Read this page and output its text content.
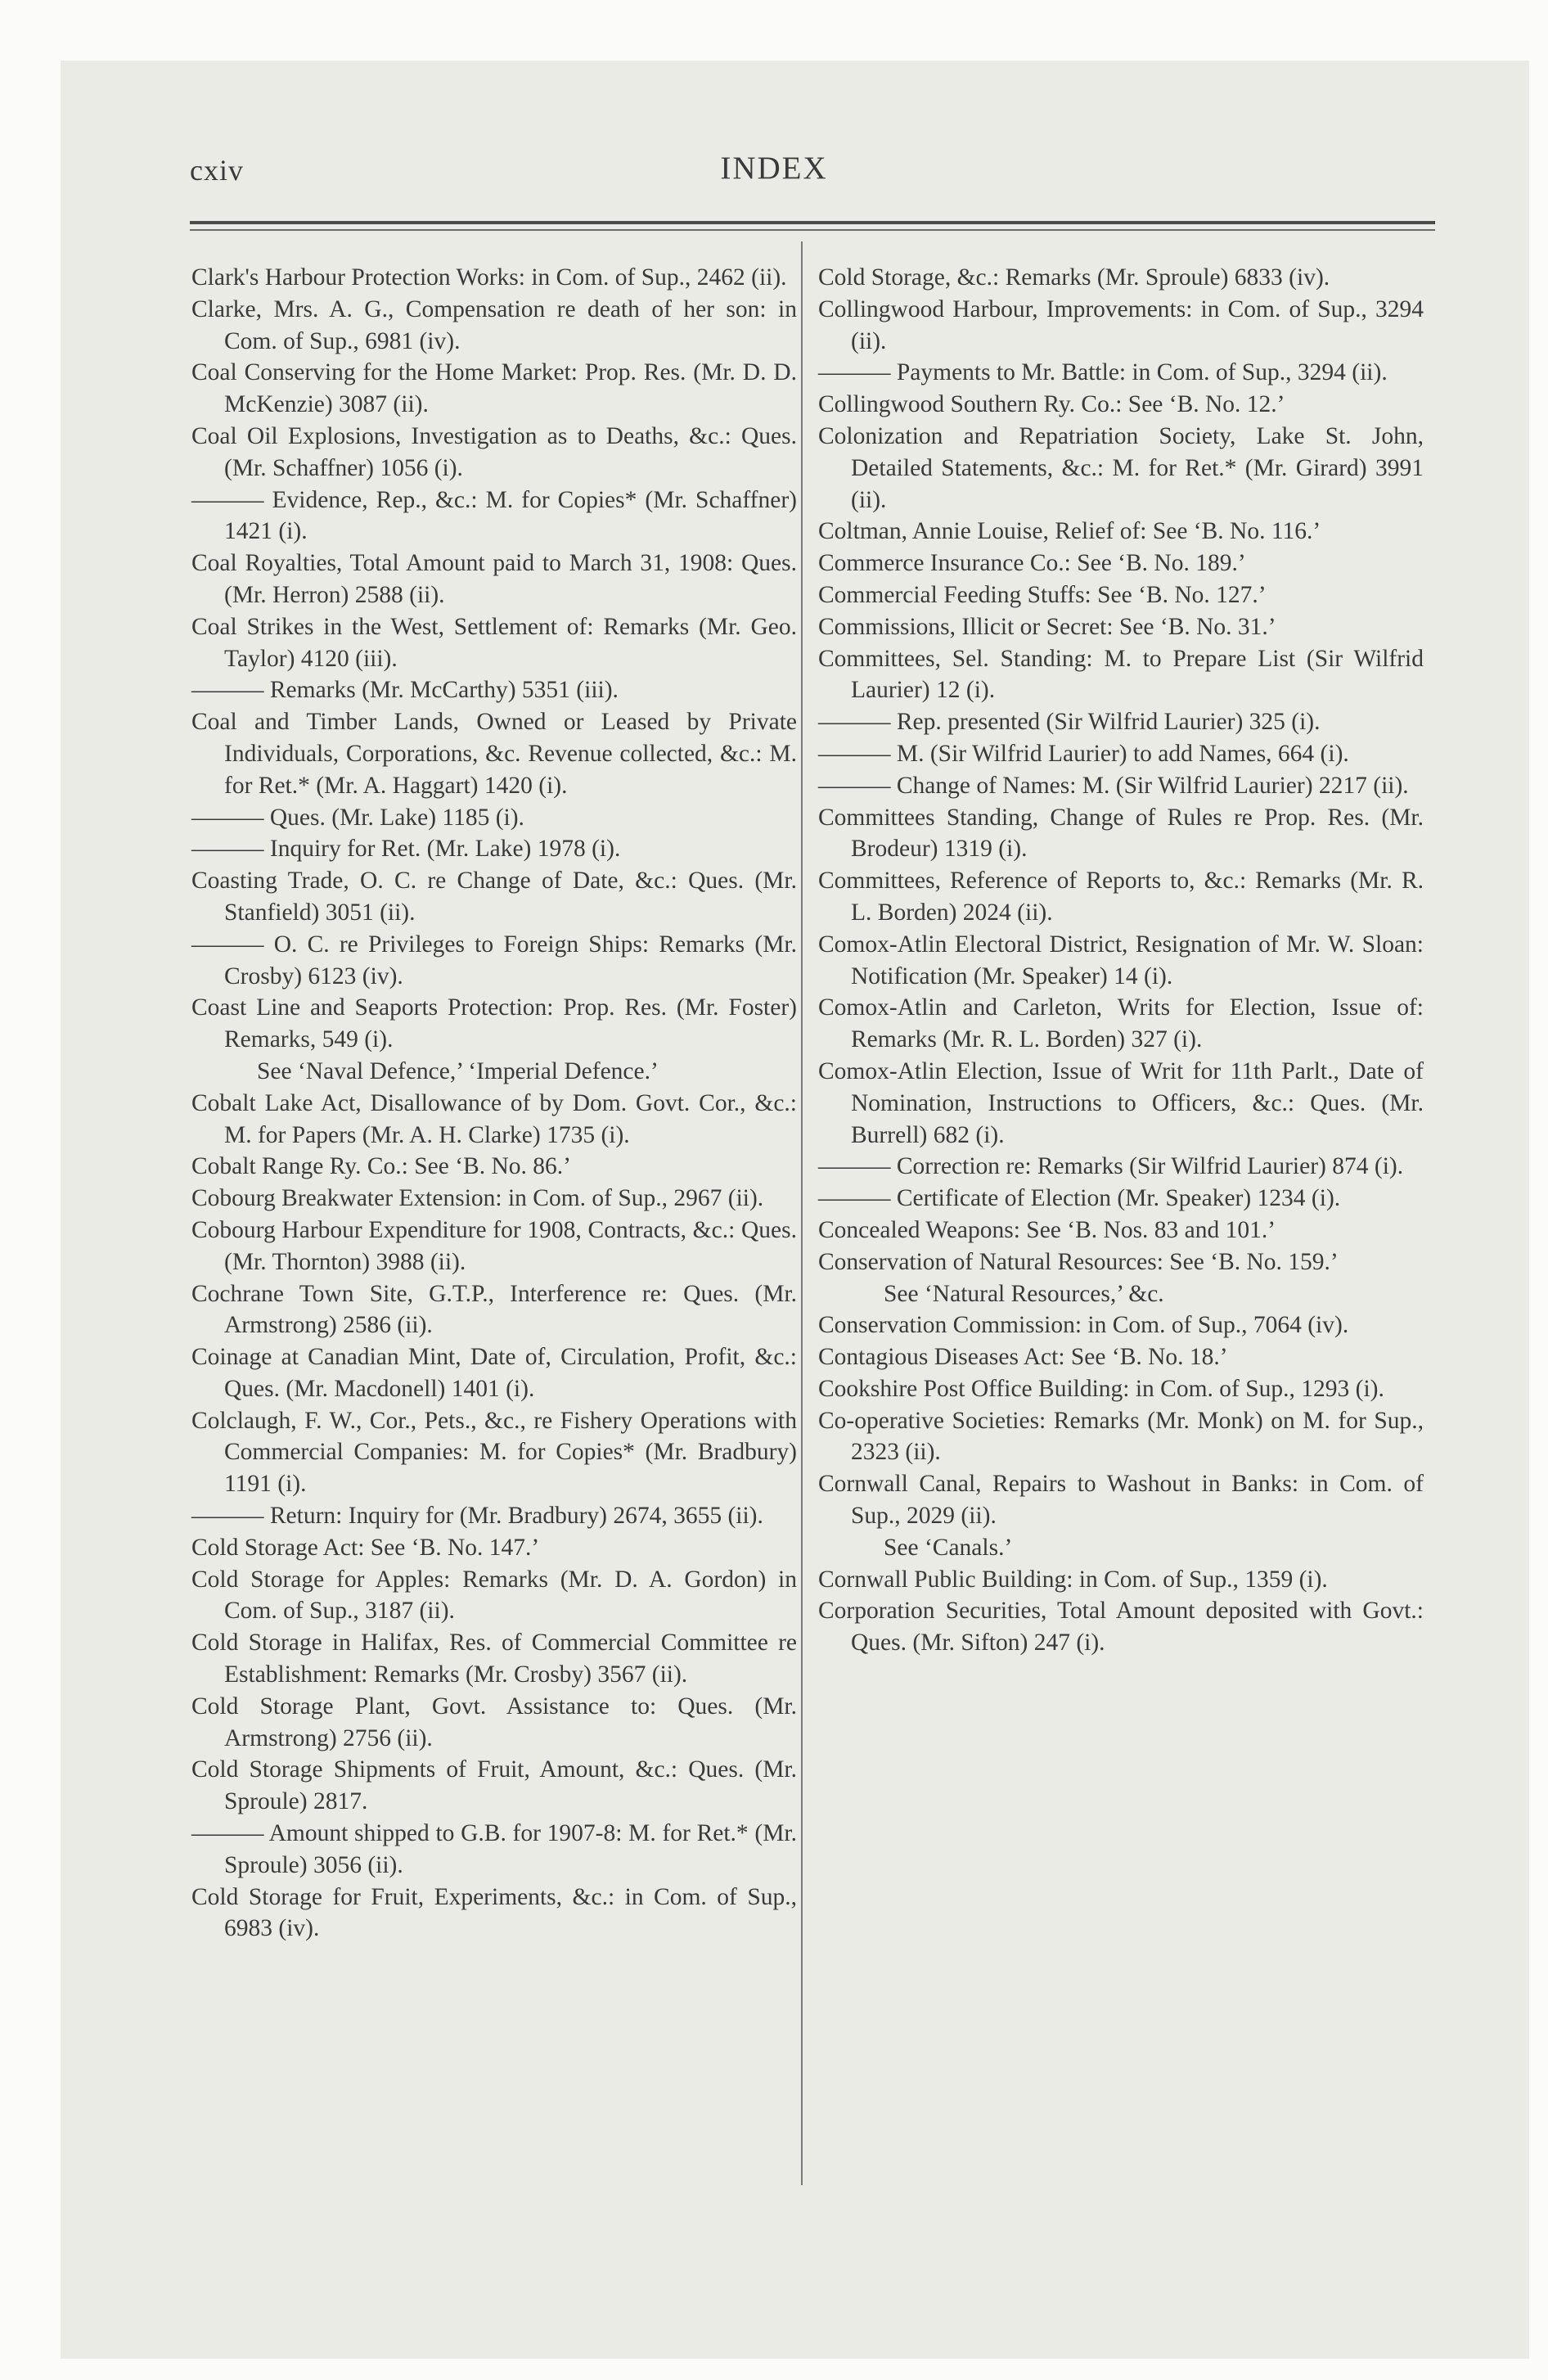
cxiv	INDEX
Clark's Harbour Protection Works: in Com. of Sup., 2462 (ii).
Clarke, Mrs. A. G., Compensation re death of her son: in Com. of Sup., 6981 (iv).
Coal Conserving for the Home Market: Prop. Res. (Mr. D. D. McKenzie) 3087 (ii).
Coal Oil Explosions, Investigation as to Deaths, &c.: Ques. (Mr. Schaffner) 1056 (i).
——— Evidence, Rep., &c.: M. for Copies* (Mr. Schaffner) 1421 (i).
Coal Royalties, Total Amount paid to March 31, 1908: Ques. (Mr. Herron) 2588 (ii).
Coal Strikes in the West, Settlement of: Remarks (Mr. Geo. Taylor) 4120 (iii).
——— Remarks (Mr. McCarthy) 5351 (iii).
Coal and Timber Lands, Owned or Leased by Private Individuals, Corporations, &c. Revenue collected, &c.: M. for Ret.* (Mr. A. Haggart) 1420 (i).
——— Ques. (Mr. Lake) 1185 (i).
——— Inquiry for Ret. (Mr. Lake) 1978 (i).
Coasting Trade, O. C. re Change of Date, &c.: Ques. (Mr. Stanfield) 3051 (ii).
——— O. C. re Privileges to Foreign Ships: Remarks (Mr. Crosby) 6123 (iv).
Coast Line and Seaports Protection: Prop. Res. (Mr. Foster) Remarks, 549 (i).
See ‘Naval Defence,’ ‘Imperial Defence.’
Cobalt Lake Act, Disallowance of by Dom. Govt. Cor., &c.: M. for Papers (Mr. A. H. Clarke) 1735 (i).
Cobalt Range Ry. Co.: See ‘B. No. 86.’
Cobourg Breakwater Extension: in Com. of Sup., 2967 (ii).
Cobourg Harbour Expenditure for 1908, Contracts, &c.: Ques. (Mr. Thornton) 3988 (ii).
Cochrane Town Site, G.T.P., Interference re: Ques. (Mr. Armstrong) 2586 (ii).
Coinage at Canadian Mint, Date of, Circulation, Profit, &c.: Ques. (Mr. Macdonell) 1401 (i).
Colclaugh, F. W., Cor., Pets., &c., re Fishery Operations with Commercial Companies: M. for Copies* (Mr. Bradbury) 1191 (i).
——— Return: Inquiry for (Mr. Bradbury) 2674, 3655 (ii).
Cold Storage Act: See ‘B. No. 147.’
Cold Storage for Apples: Remarks (Mr. D. A. Gordon) in Com. of Sup., 3187 (ii).
Cold Storage in Halifax, Res. of Commercial Committee re Establishment: Remarks (Mr. Crosby) 3567 (ii).
Cold Storage Plant, Govt. Assistance to: Ques. (Mr. Armstrong) 2756 (ii).
Cold Storage Shipments of Fruit, Amount, &c.: Ques. (Mr. Sproule) 2817.
——— Amount shipped to G.B. for 1907-8: M. for Ret.* (Mr. Sproule) 3056 (ii).
Cold Storage for Fruit, Experiments, &c.: in Com. of Sup., 6983 (iv).
Cold Storage, &c.: Remarks (Mr. Sproule) 6833 (iv).
Collingwood Harbour, Improvements: in Com. of Sup., 3294 (ii).
——— Payments to Mr. Battle: in Com. of Sup., 3294 (ii).
Collingwood Southern Ry. Co.: See ‘B. No. 12.’
Colonization and Repatriation Society, Lake St. John, Detailed Statements, &c.: M. for Ret.* (Mr. Girard) 3991 (ii).
Coltman, Annie Louise, Relief of: See ‘B. No. 116.’
Commerce Insurance Co.: See ‘B. No. 189.’
Commercial Feeding Stuffs: See ‘B. No. 127.’
Commissions, Illicit or Secret: See ‘B. No. 31.’
Committees, Sel. Standing: M. to Prepare List (Sir Wilfrid Laurier) 12 (i).
——— Rep. presented (Sir Wilfrid Laurier) 325 (i).
——— M. (Sir Wilfrid Laurier) to add Names, 664 (i).
——— Change of Names: M. (Sir Wilfrid Laurier) 2217 (ii).
Committees Standing, Change of Rules re Prop. Res. (Mr. Brodeur) 1319 (i).
Committees, Reference of Reports to, &c.: Remarks (Mr. R. L. Borden) 2024 (ii).
Comox-Atlin Electoral District, Resignation of Mr. W. Sloan: Notification (Mr. Speaker) 14 (i).
Comox-Atlin and Carleton, Writs for Election, Issue of: Remarks (Mr. R. L. Borden) 327 (i).
Comox-Atlin Election, Issue of Writ for 11th Parlt., Date of Nomination, Instructions to Officers, &c.: Ques. (Mr. Burrell) 682 (i).
——— Correction re: Remarks (Sir Wilfrid Laurier) 874 (i).
——— Certificate of Election (Mr. Speaker) 1234 (i).
Concealed Weapons: See ‘B. Nos. 83 and 101.’
Conservation of Natural Resources: See ‘B. No. 159.’
See ‘Natural Resources,’ &c.
Conservation Commission: in Com. of Sup., 7064 (iv).
Contagious Diseases Act: See ‘B. No. 18.’
Cookshire Post Office Building: in Com. of Sup., 1293 (i).
Co-operative Societies: Remarks (Mr. Monk) on M. for Sup., 2323 (ii).
Cornwall Canal, Repairs to Washout in Banks: in Com. of Sup., 2029 (ii).
See ‘Canals.’
Cornwall Public Building: in Com. of Sup., 1359 (i).
Corporation Securities, Total Amount deposited with Govt.: Ques. (Mr. Sifton) 247 (i).
